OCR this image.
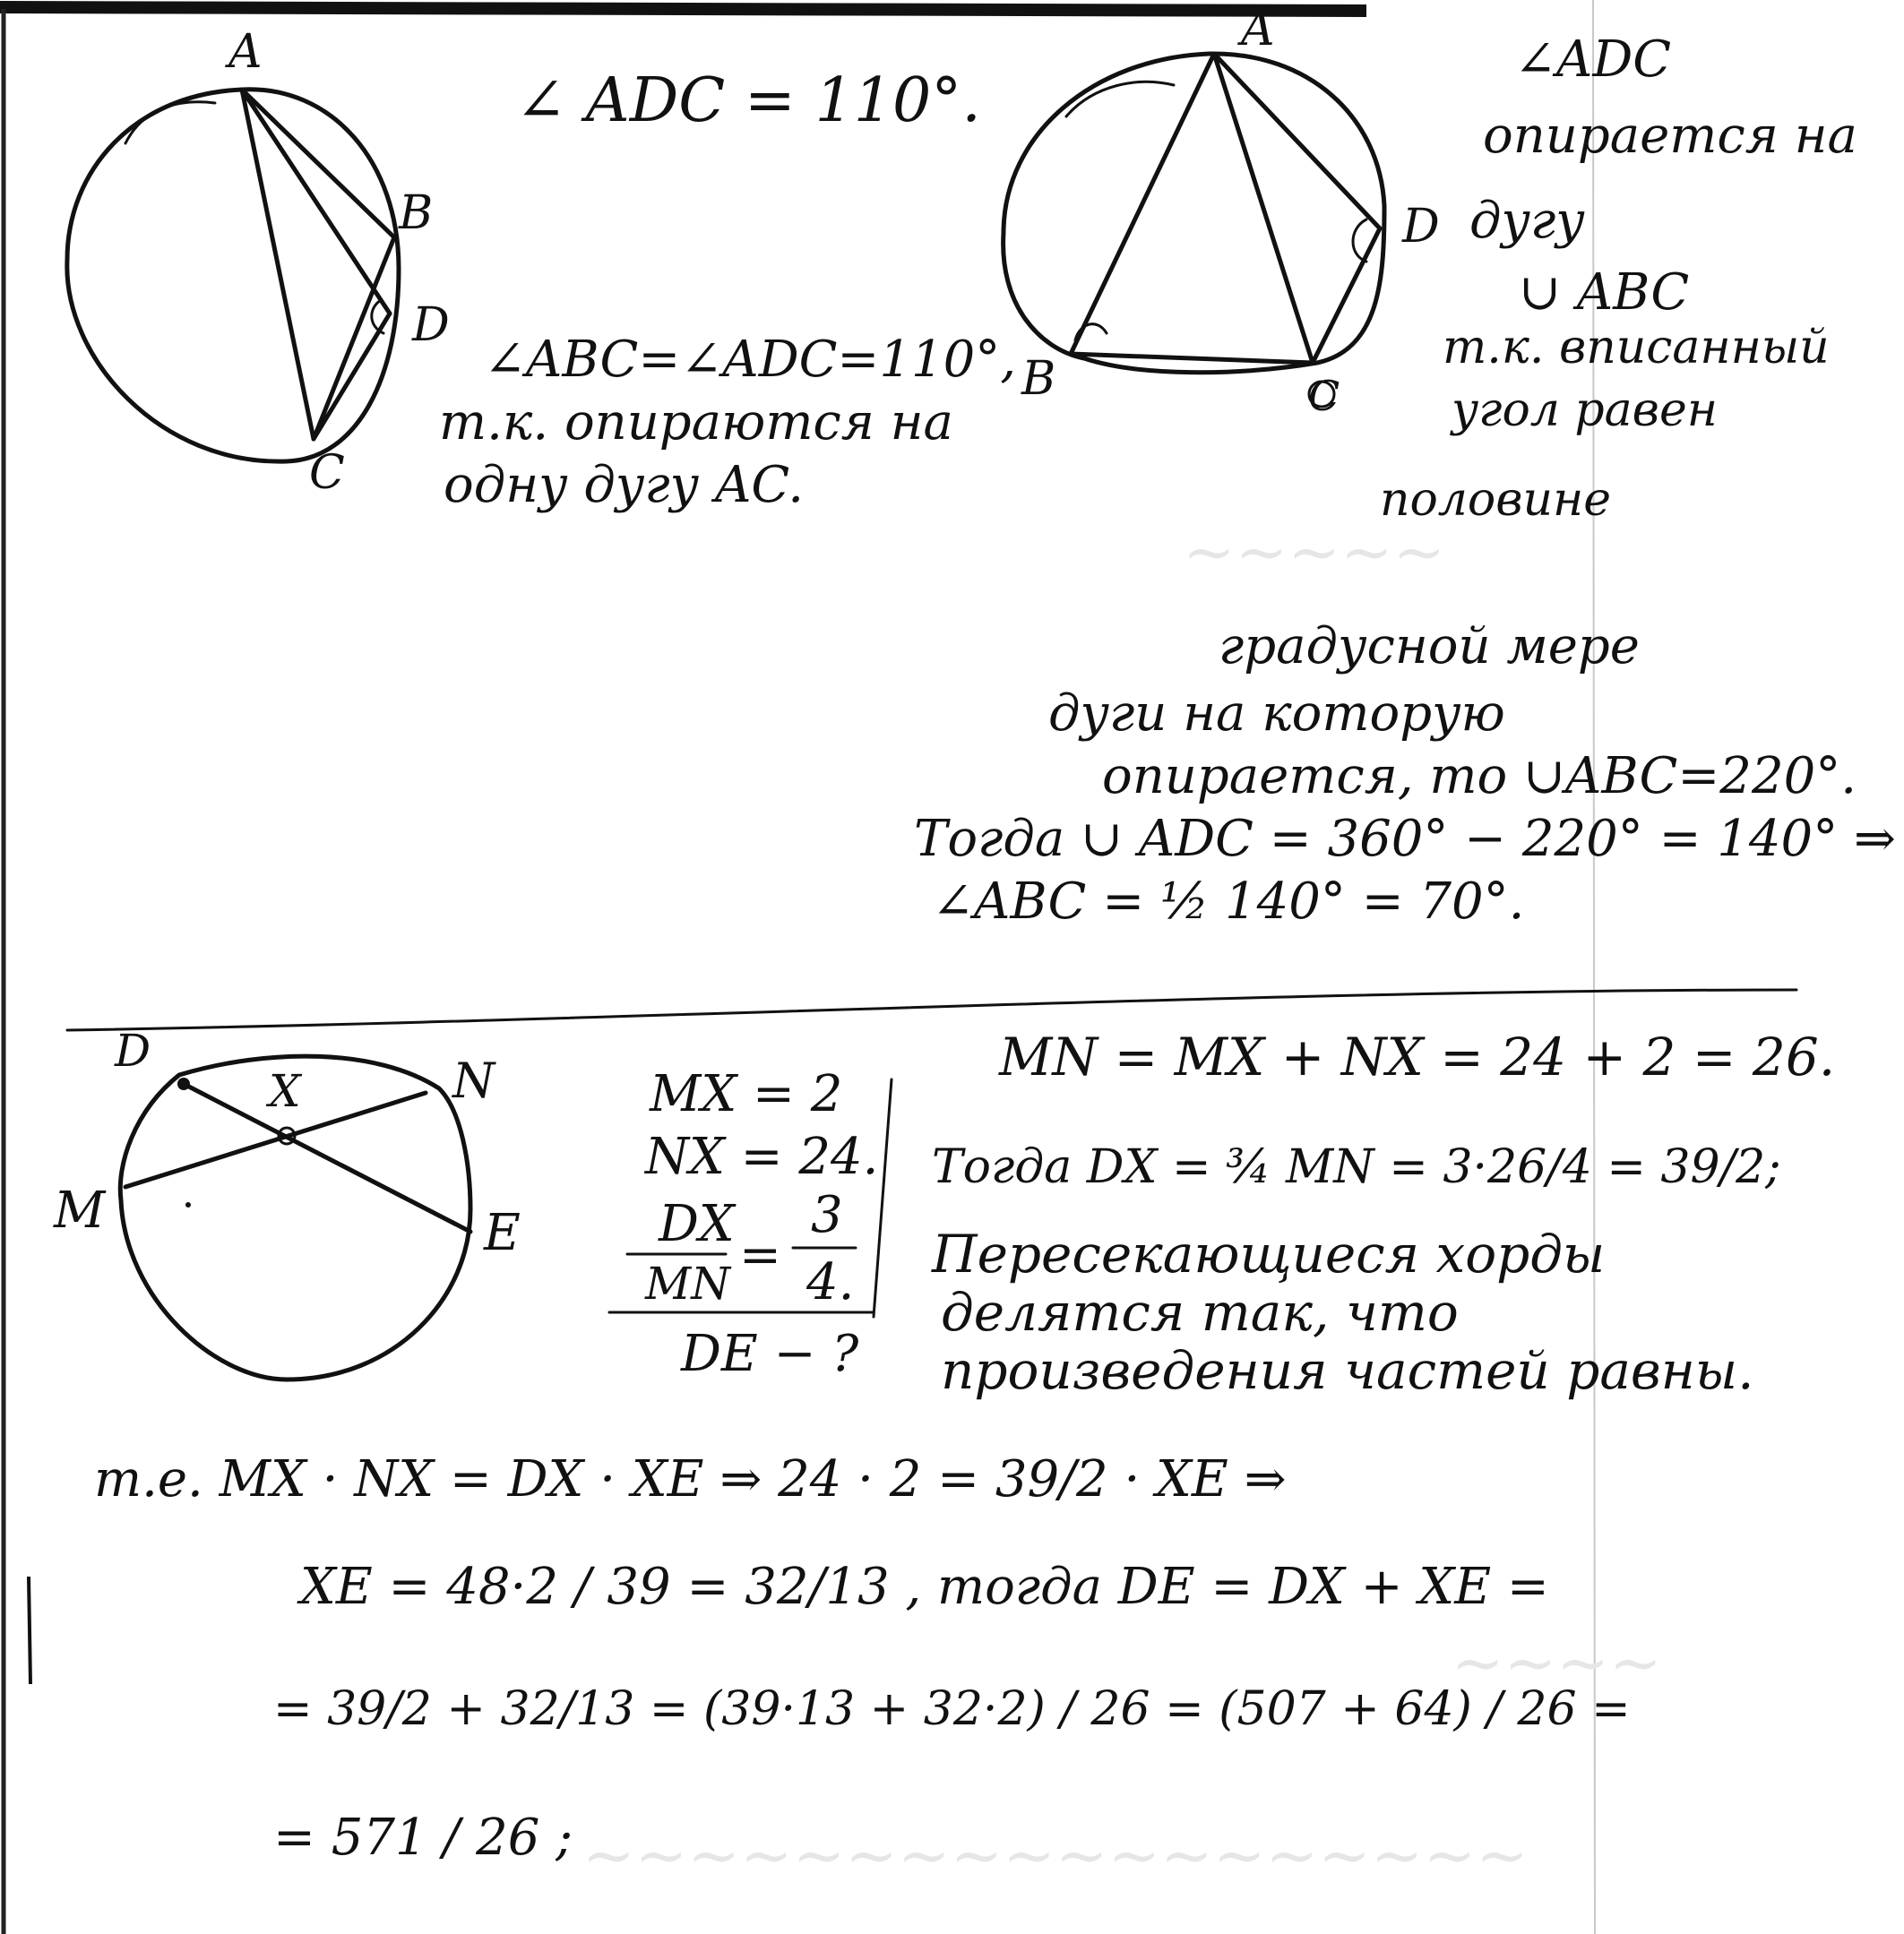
~~~~~
~~~~
~~~~~~~~~~~~~~~~~~
A
B
D
C
∠ ADC = 110°.
∠ABC=∠ADC=110°,
т.к. опираются на
одну дугу AC.
A
D
B	C
∠ADC
опирается на
дугу
∪ ABC
т.к. вписанный
угол равен
половине
градусной мере
дуги на которую
опирается, то ∪ABC=220°.
Тогда ∪ ADC = 360° − 220° = 140° ⇒
∠ABC = ½ 140° = 70°.
D
X	N
M	E
MX = 2
NX = 24.
DX
MN =
3
4.
DE − ?
MN = MX + NX = 24 + 2 = 26.
Тогда DX = ¾ MN = 3·26/4 = 39/2;
Пересекающиеся хорды
делятся так, что
произведения частей равны.
т.е. MX · NX = DX · XE ⇒ 24 · 2 = 39/2 · XE ⇒
XE = 48·2 / 39 = 32/13 , тогда DE = DX + XE =
= 39/2 + 32/13 = (39·13 + 32·2) / 26 = (507 + 64) / 26 =
= 571 / 26 ;
